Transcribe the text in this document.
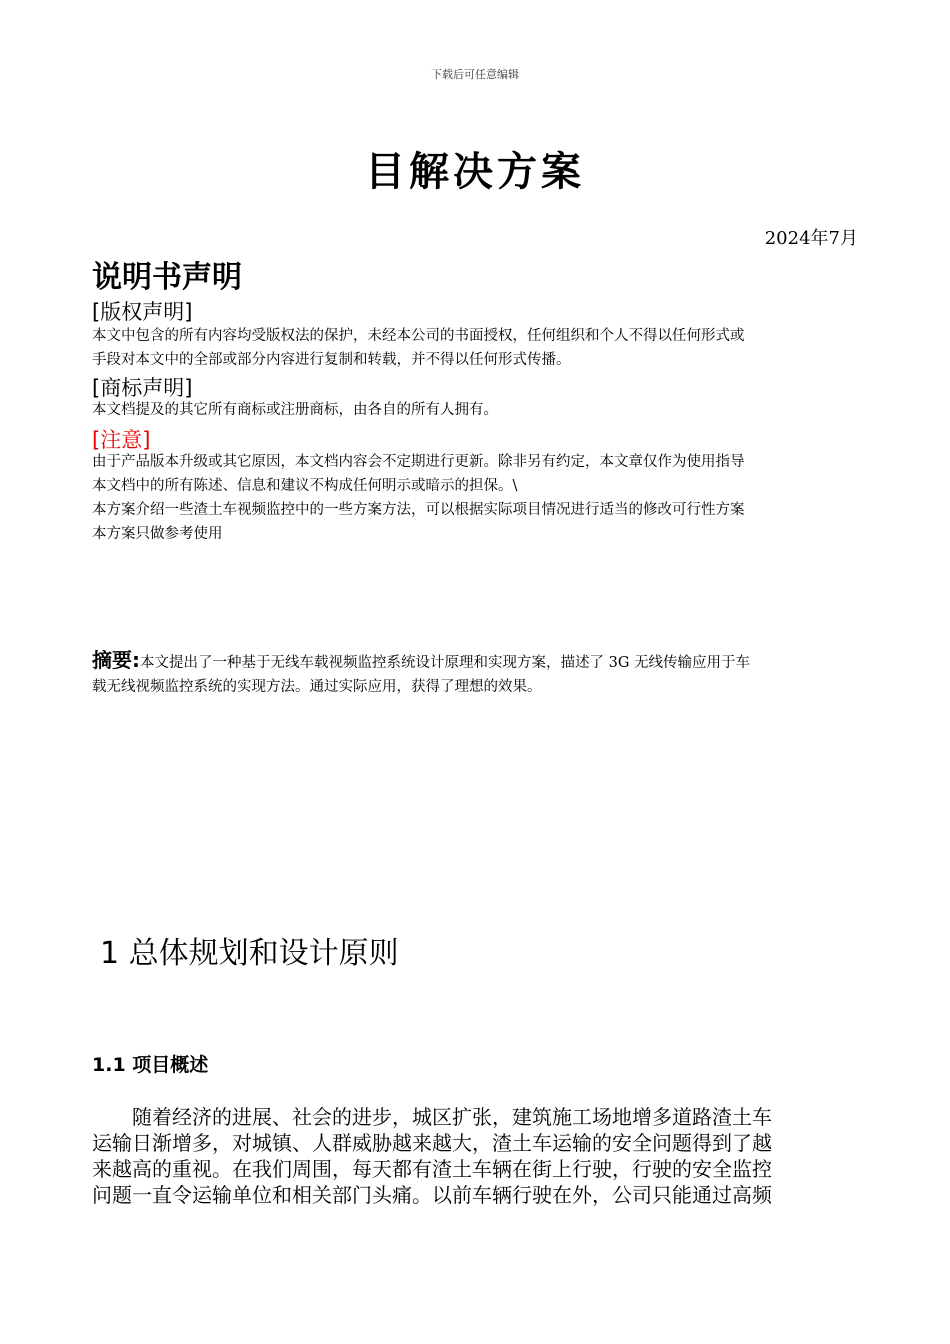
下载后可任意编辑
目解决方案
2024年7月
说明书声明
[版权声明]
本文中包含的所有内容均受版权法的保护，未经本公司的书面授权，任何组织和个人不得以任何形式或
手段对本文中的全部或部分内容进行复制和转载，并不得以任何形式传播。
[商标声明]
本文档提及的其它所有商标或注册商标，由各自的所有人拥有。
[注意]
由于产品版本升级或其它原因，本文档内容会不定期进行更新。除非另有约定，本文章仅作为使用指导
本文档中的所有陈述、信息和建议不构成任何明示或暗示的担保。\
本方案介绍一些渣土车视频监控中的一些方案方法，可以根据实际项目情况进行适当的修改可行性方案
本方案只做参考使用
摘要:本文提出了一种基于无线车载视频监控系统设计原理和实现方案，描述了 3G 无线传输应用于车
载无线视频监控系统的实现方法。通过实际应用，获得了理想的效果。
1 总体规划和设计原则
1.1 项目概述
　　随着经济的进展、社会的进步，城区扩张，建筑施工场地增多道路渣土车
运输日渐增多，对城镇、人群威胁越来越大，渣土车运输的安全问题得到了越
来越高的重视。在我们周围，每天都有渣土车辆在街上行驶，行驶的安全监控
问题一直令运输单位和相关部门头痛。以前车辆行驶在外，公司只能通过高频
